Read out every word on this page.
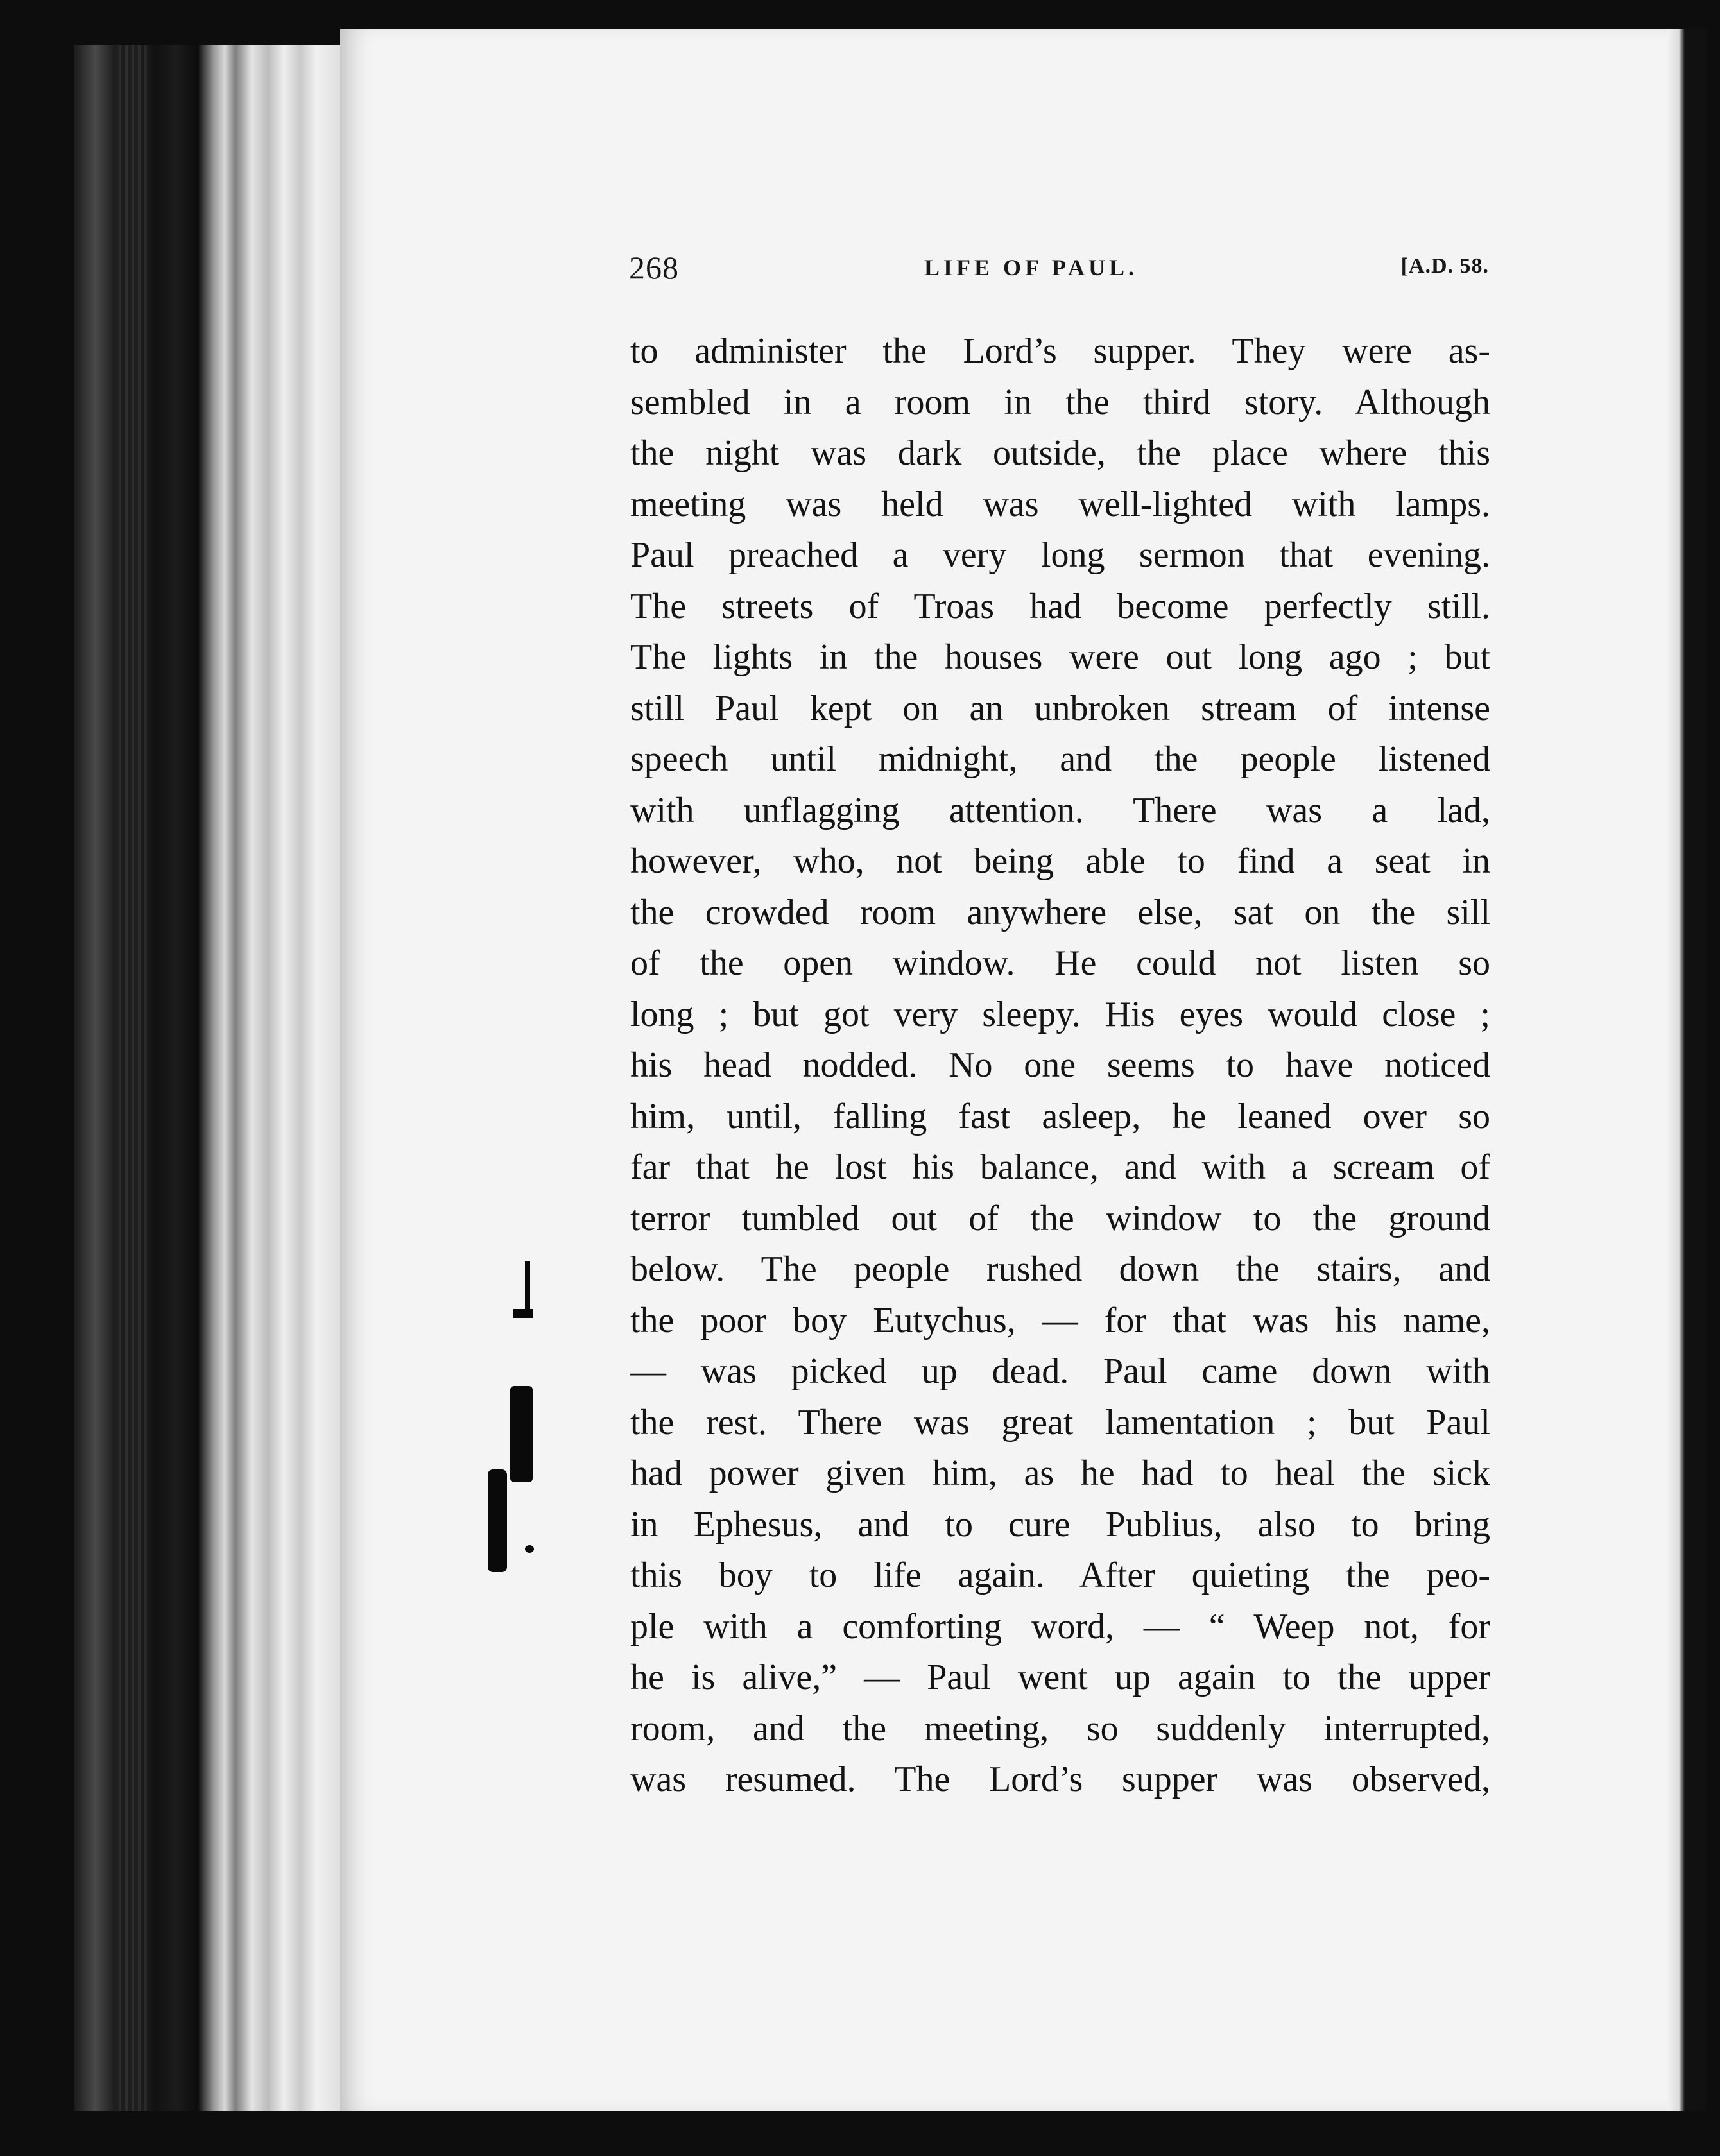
268	LIFE OF PAUL.	[A.D. 58.
to administer the Lord’s supper. They were as-
sembled in a room in the third story. Although
the night was dark outside, the place where this
meeting was held was well-lighted with lamps.
Paul preached a very long sermon that evening.
The streets of Troas had become perfectly still.
The lights in the houses were out long ago ; but
still Paul kept on an unbroken stream of intense
speech until midnight, and the people listened
with unflagging attention. There was a lad,
however, who, not being able to find a seat in
the crowded room anywhere else, sat on the sill
of the open window. He could not listen so
long ; but got very sleepy. His eyes would close ;
his head nodded. No one seems to have noticed
him, until, falling fast asleep, he leaned over so
far that he lost his balance, and with a scream of
terror tumbled out of the window to the ground
below. The people rushed down the stairs, and
the poor boy Eutychus, — for that was his name,
— was picked up dead. Paul came down with
the rest. There was great lamentation ; but Paul
had power given him, as he had to heal the sick
in Ephesus, and to cure Publius, also to bring
this boy to life again. After quieting the peo-
ple with a comforting word, — “ Weep not, for
he is alive,” — Paul went up again to the upper
room, and the meeting, so suddenly interrupted,
was resumed. The Lord’s supper was observed,
